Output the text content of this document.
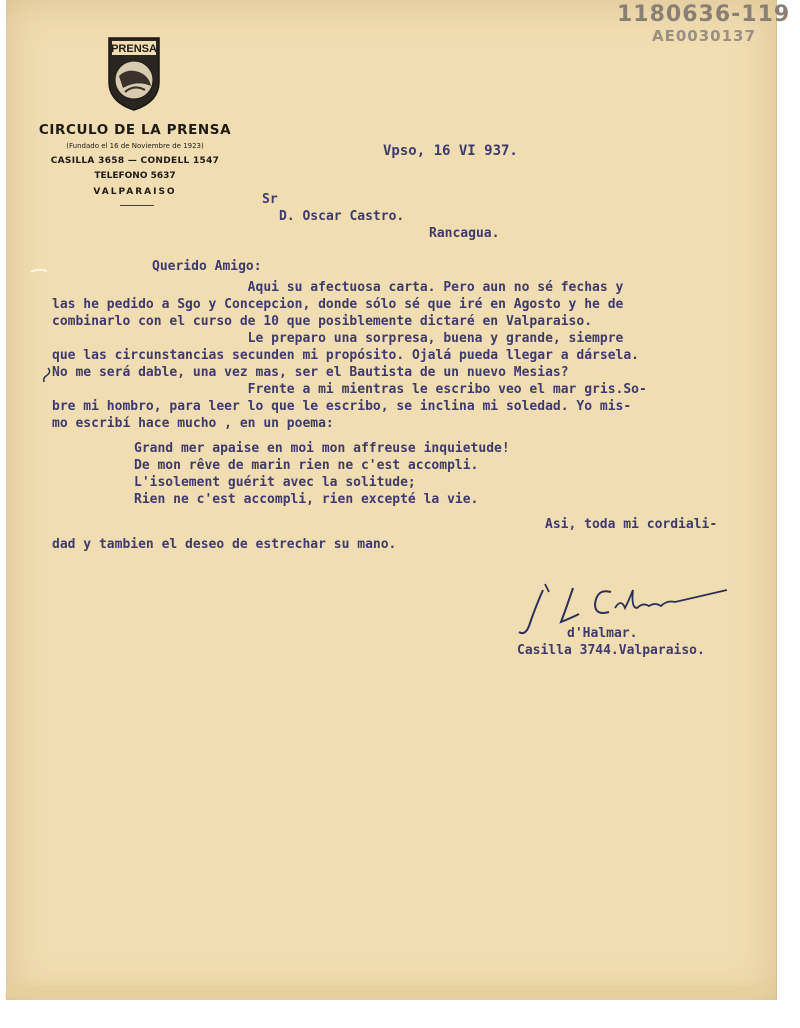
1180636-119
AE0030137
PRENSA
CIRCULO DE LA PRENSA
(Fundado el 16 de Noviembre de 1923)
CASILLA 3658 — CONDELL 1547
TELEFONO 5637
VALPARAISO
Vpso, 16 VI 937.
Sr
D. Oscar Castro.
Rancagua.
Querido Amigo:
Aqui su afectuosa carta. Pero aun no sé fechas y
las he pedido a Sgo y Concepcion, donde sólo sé que iré en Agosto y he de
combinarlo con el curso de 10 que posiblemente dictaré en Valparaiso.
Le preparo una sorpresa, buena y grande, siempre
que las circunstancias secunden mi propósito. Ojalá pueda llegar a dársela.
No me será dable, una vez mas, ser el Bautista de un nuevo Mesias?
Frente a mi mientras le escribo veo el mar gris.So-
bre mi hombro, para leer lo que le escribo, se inclina mi soledad. Yo mis-
mo escribí hace mucho , en un poema:
Grand mer apaise en moi mon affreuse inquietude!
De mon rêve de marin rien ne c'est accompli.
L'isolement guérit avec la solitude;
Rien ne c'est accompli, rien excepté la vie.
Asi, toda mi cordiali-
dad y tambien el deseo de estrechar su mano.
d'Halmar.
Casilla 3744.Valparaiso.
